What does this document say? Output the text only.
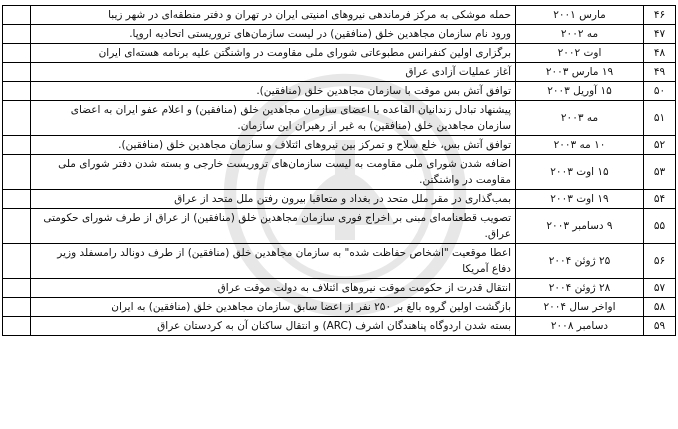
۴۶	مارس ۲۰۰۱	حمله موشکی به مرکز فرماندهی نیروهای امنیتی ایران در تهران و دفتر منطقه‌ای در شهر زیبا	
۴۷	مه ۲۰۰۲	ورود نام سازمان مجاهدین خلق (منافقین) در لیست سازمان‌های تروریستی اتحادیه اروپا.	
۴۸	اوت ۲۰۰۲	برگزاری اولین کنفرانس مطبوعاتی شورای ملی مقاومت در واشنگتن علیه برنامه هسته‌ای ایران	
۴۹	۱۹ مارس ۲۰۰۳	آغاز عملیات آزادی عراق	
۵۰	۱۵ آوریل ۲۰۰۳	توافق آتش بس موقت با سازمان مجاهدین خلق (منافقین).	
۵۱	مه ۲۰۰۳	پیشنهاد تبادل زندانیان القاعده با اعضای سازمان مجاهدین خلق (منافقین) و اعلام عفو ایران به اعضای سازمان مجاهدین خلق (منافقین) به غیر از رهبران این سازمان.	
۵۲	۱۰ مه ۲۰۰۳	توافق آتش بس، خلع سلاح و تمرکز بین نیروهای ائتلاف و سازمان مجاهدین خلق (منافقین).	
۵۳	۱۵ اوت ۲۰۰۳	اضافه شدن شورای ملی مقاومت به لیست سازمان‌های تروریست خارجی و بسته شدن دفتر شورای ملی مقاومت در واشنگتن.	
۵۴	۱۹ اوت ۲۰۰۳	بمب‌گذاری در مقر ملل متحد در بغداد و متعاقبا بیرون رفتن ملل متحد از عراق	
۵۵	۹ دسامبر ۲۰۰۳	تصویب قطعنامه‌ای مبنی بر اخراج فوری سازمان مجاهدین خلق (منافقین) از عراق از طرف شورای حکومتی عراق.	
۵۶	۲۵ ژوئن ۲۰۰۴	اعطا موقعیت "اشخاص حفاظت شده" به سازمان مجاهدین خلق (منافقین) از طرف دونالد رامسفلد وزیر دفاع آمریکا	
۵۷	۲۸ ژوئن ۲۰۰۴	انتقال قدرت از حکومت موقت نیروهای ائتلاف به دولت موقت عراق	
۵۸	اواخر سال ۲۰۰۴	بازگشت اولین گروه بالغ بر ۲۵۰ نفر از اعضا سابق سازمان مجاهدین خلق (منافقین) به ایران	
۵۹	دسامبر ۲۰۰۸	بسته شدن اردوگاه پناهندگان اشرف (ARC) و انتقال ساکنان آن به کردستان عراق	
